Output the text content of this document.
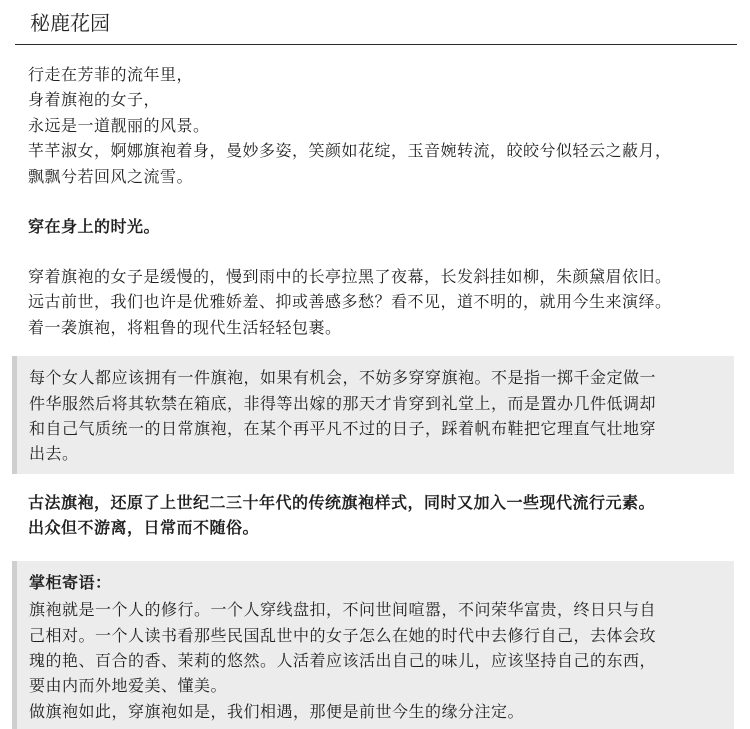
秘鹿花园
行走在芳菲的流年里，
身着旗袍的女子，
永远是一道靓丽的风景。
芊芊淑女，婀娜旗袍着身，曼妙多姿，笑颜如花绽，玉音婉转流，皎皎兮似轻云之蔽月，
飘飘兮若回风之流雪。
穿在身上的时光。
穿着旗袍的女子是缓慢的，慢到雨中的长亭拉黑了夜幕，长发斜挂如柳，朱颜黛眉依旧。
远古前世，我们也许是优雅娇羞、抑或善感多愁？看不见，道不明的，就用今生来演绎。
着一袭旗袍，将粗鲁的现代生活轻轻包裹。
每个女人都应该拥有一件旗袍，如果有机会，不妨多穿穿旗袍。不是指一掷千金定做一
件华服然后将其软禁在箱底，非得等出嫁的那天才肯穿到礼堂上，而是置办几件低调却
和自己气质统一的日常旗袍，在某个再平凡不过的日子，踩着帆布鞋把它理直气壮地穿
出去。
古法旗袍，还原了上世纪二三十年代的传统旗袍样式，同时又加入一些现代流行元素。
出众但不游离，日常而不随俗。
掌柜寄语：
旗袍就是一个人的修行。一个人穿线盘扣，不问世间喧嚣，不问荣华富贵，终日只与自
己相对。一个人读书看那些民国乱世中的女子怎么在她的时代中去修行自己，去体会玫
瑰的艳、百合的香、茉莉的悠然。人活着应该活出自己的味儿，应该坚持自己的东西，
要由内而外地爱美、懂美。
做旗袍如此，穿旗袍如是，我们相遇，那便是前世今生的缘分注定。
